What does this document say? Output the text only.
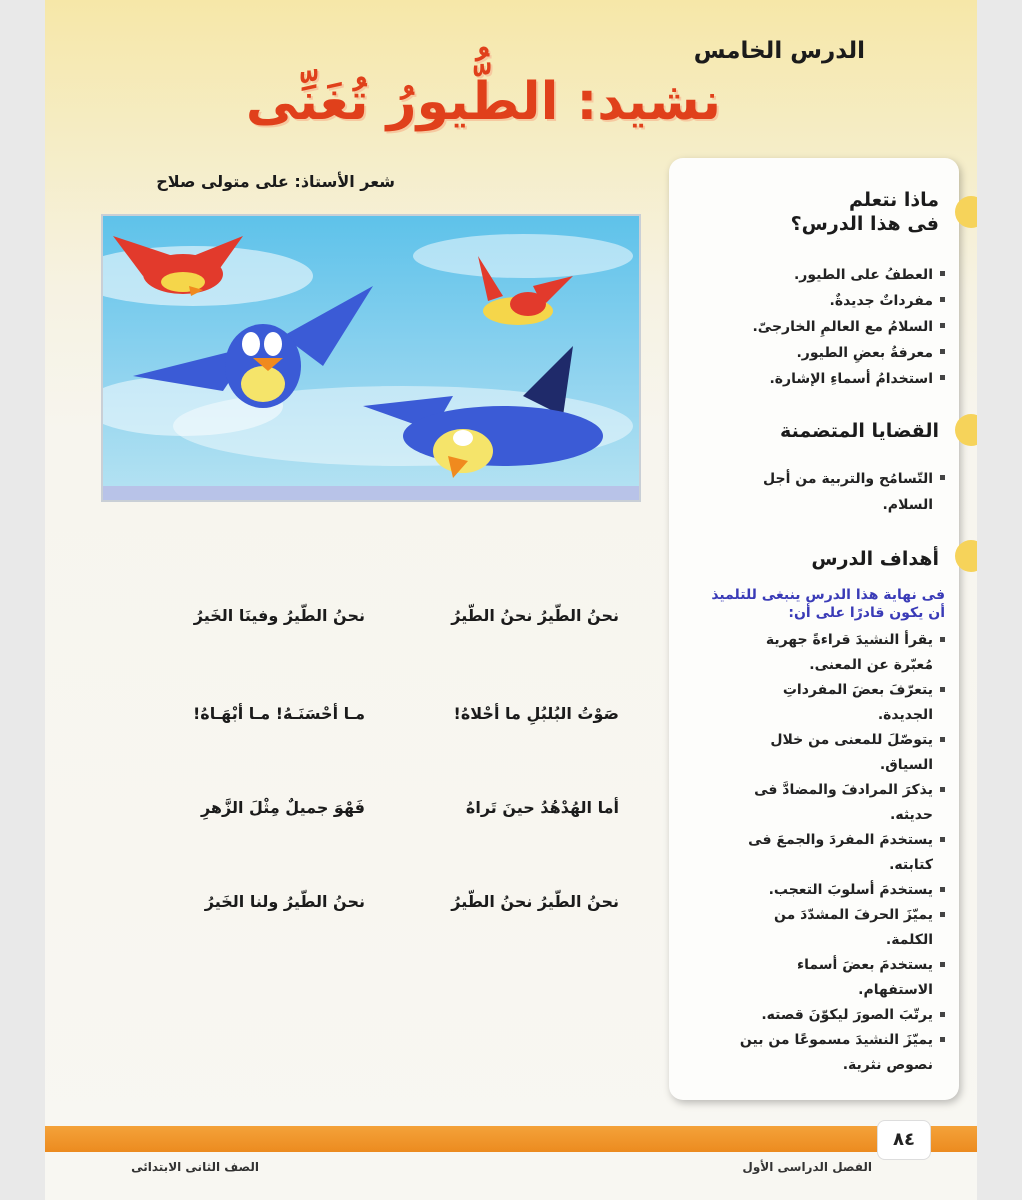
الدرس الخامس
نشيد: الطُّيورُ تُغَنِّى
شعر الأستاذ: على متولى صلاح
ماذا نتعلم
فى هذا الدرس؟
العطفُ على الطيور.
مفرداتٌ جديدةٌ.
السلامُ مع العالمِ الخارجىّ.
معرفةُ بعضِ الطيور.
استخدامُ أسماءِ الإشارة.
القضايا المتضمنة
التّسامُح والتربية من أجل السلام.
أهداف الدرس
فى نهاية هذا الدرس ينبغى للتلميذ أن يكون قادرًا على أن:
يقرأ النشيدَ قراءةً جهرية مُعبّرة عن المعنى.
يتعرّفَ بعضَ المفرداتِ الجديدة.
يتوصّلَ للمعنى من خلال السياق.
يذكرَ المرادفَ والمضادَّ فى حديثه.
يستخدمَ المفردَ والجمعَ فى كتابته.
يستخدمَ أسلوبَ التعجب.
يميّزَ الحرفَ المشدّدَ من الكلمة.
يستخدمَ بعضَ أسماء الاستفهام.
يرتّبَ الصورَ ليكوّنَ قصته.
يميّزَ النشيدَ مسموعًا من بين نصوص نثرية.
نحنُ الطّيرُ نحنُ الطّيرُ
نحنُ الطّيرُ وفينَا الخَيرُ
صَوْتُ البُلبُلِ ما أحْلاهُ!
مـا أحْسَنَـهُ! مـا أبْهَـاهُ!
أما الهُدْهُدُ حينَ تَراهُ
فَهْوَ جميلٌ مِثْلَ الزَّهرِ
نحنُ الطّيرُ نحنُ الطّيرُ
نحنُ الطّيرُ ولنا الخَيرُ
٨٤
الفصل الدراسى الأول
الصف الثانى الابتدائى
